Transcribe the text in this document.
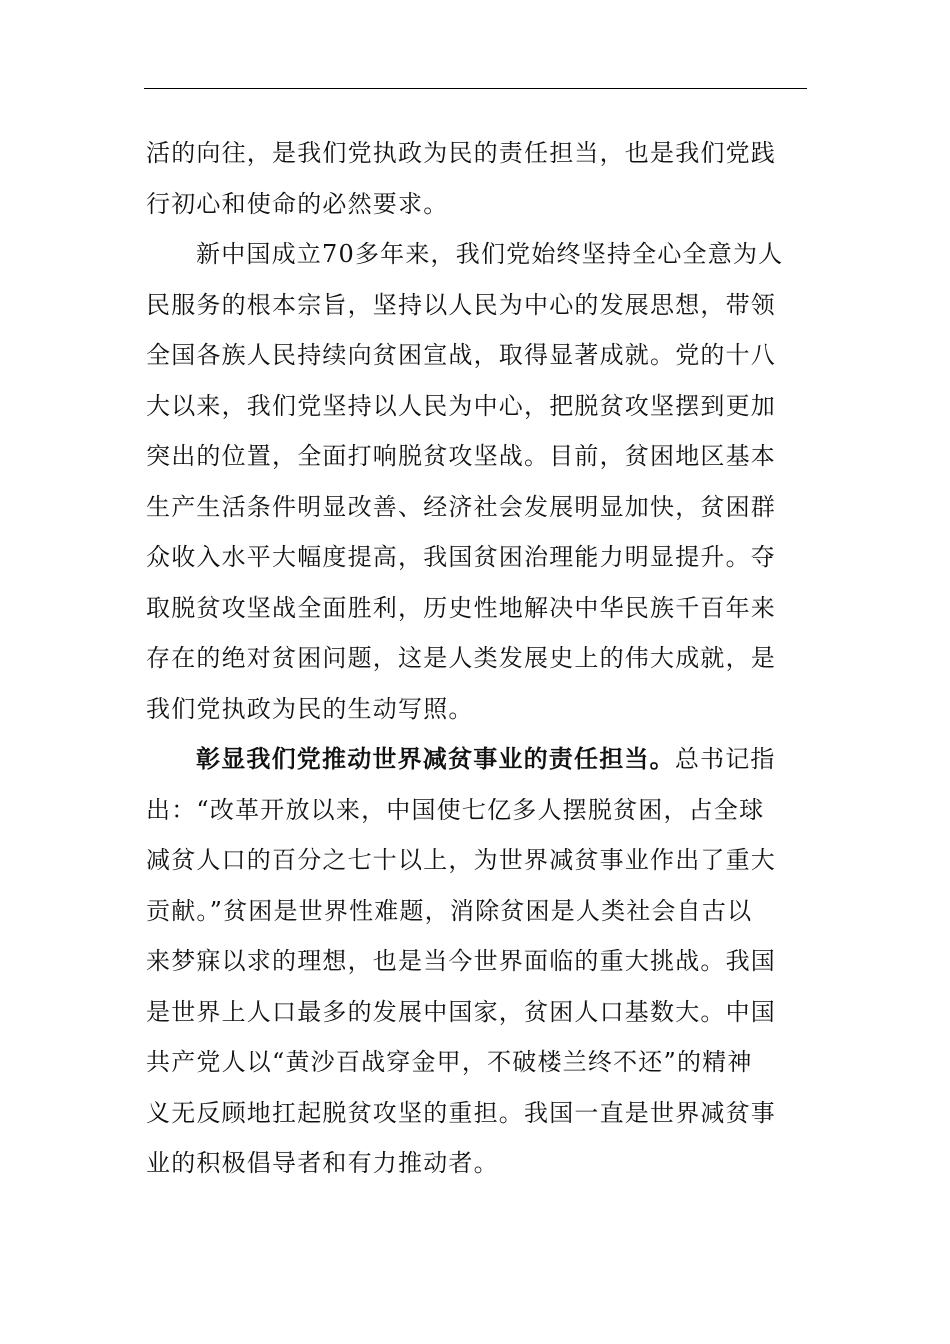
活的向往，是我们党执政为民的责任担当，也是我们党践
行初心和使命的必然要求。

新中国成立70多年来，我们党始终坚持全心全意为人
民服务的根本宗旨，坚持以人民为中心的发展思想，带领
全国各族人民持续向贫困宣战，取得显著成就。党的十八
大以来，我们党坚持以人民为中心，把脱贫攻坚摆到更加
突出的位置，全面打响脱贫攻坚战。目前，贫困地区基本
生产生活条件明显改善、经济社会发展明显加快，贫困群
众收入水平大幅度提高，我国贫困治理能力明显提升。夺
取脱贫攻坚战全面胜利，历史性地解决中华民族千百年来
存在的绝对贫困问题，这是人类发展史上的伟大成就，是
我们党执政为民的生动写照。

彰显我们党推动世界减贫事业的责任担当。总书记指
出：“改革开放以来，中国使七亿多人摆脱贫困，占全球
减贫人口的百分之七十以上，为世界减贫事业作出了重大
贡献。”贫困是世界性难题，消除贫困是人类社会自古以
来梦寐以求的理想，也是当今世界面临的重大挑战。我国
是世界上人口最多的发展中国家，贫困人口基数大。中国
共产党人以“黄沙百战穿金甲，不破楼兰终不还”的精神
义无反顾地扛起脱贫攻坚的重担。我国一直是世界减贫事
业的积极倡导者和有力推动者。
